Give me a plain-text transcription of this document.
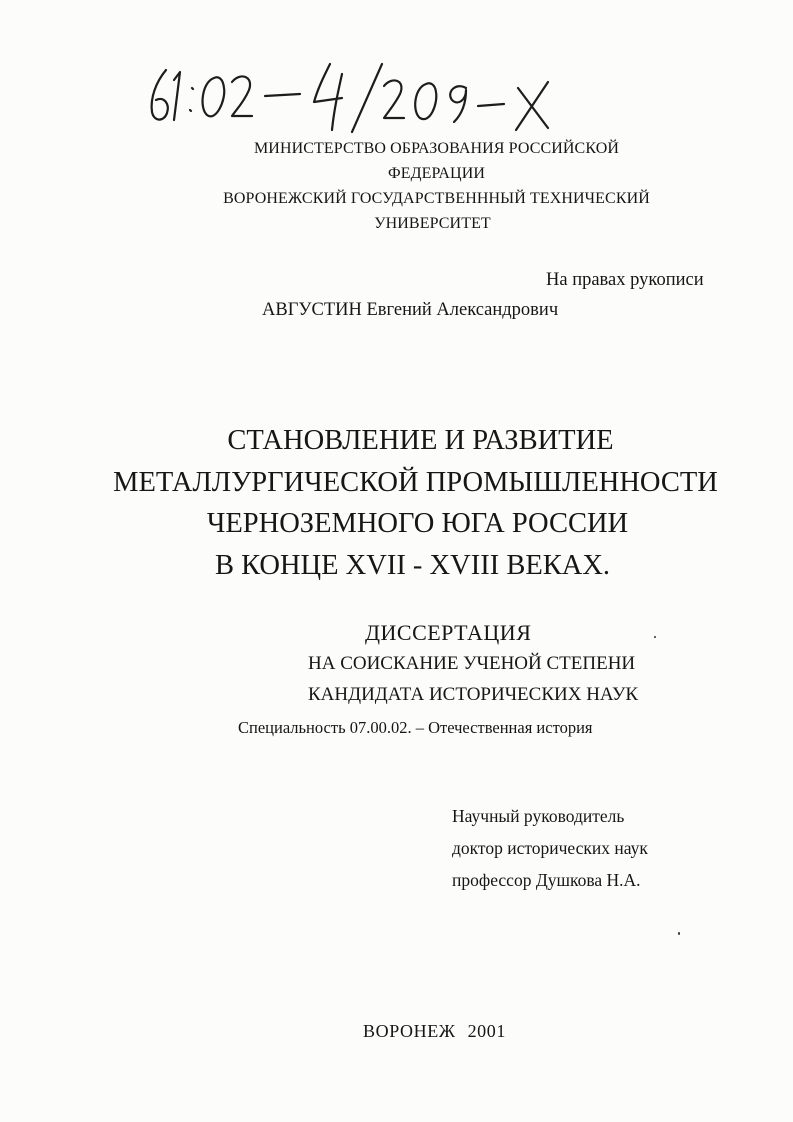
МИНИСТЕРСТВО ОБРАЗОВАНИЯ РОССИЙСКОЙ
ФЕДЕРАЦИИ
ВОРОНЕЖСКИЙ ГОСУДАРСТВЕНННЫЙ ТЕХНИЧЕСКИЙ
УНИВЕРСИТЕТ
На правах рукописи
АВГУСТИН Евгений Александрович
СТАНОВЛЕНИЕ И РАЗВИТИЕ
МЕТАЛЛУРГИЧЕСКОЙ ПРОМЫШЛЕННОСТИ
ЧЕРНОЗЕМНОГО ЮГА РОССИИ
В КОНЦЕ XVII - XVIII ВЕКАХ.
ДИССЕРТАЦИЯ
НА СОИСКАНИЕ УЧЕНОЙ СТЕПЕНИ
КАНДИДАТА ИСТОРИЧЕСКИХ НАУК
Специальность 07.00.02. – Отечественная история
Научный руководитель
доктор исторических наук
профессор Душкова Н.А.
ВОРОНЕЖ 2001
